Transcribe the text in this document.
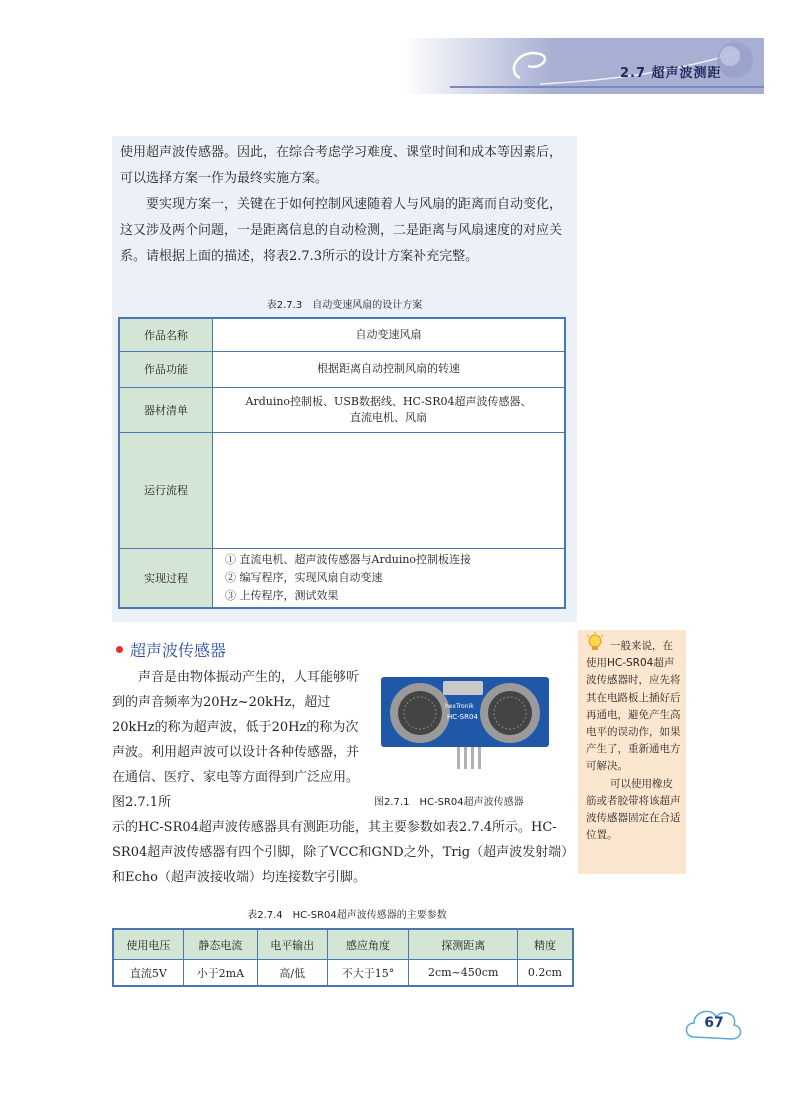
2.7 超声波测距

使用超声波传感器。因此，在综合考虑学习难度、课堂时间和成本等因素后，可以选择方案一作为最终实施方案。

要实现方案一，关键在于如何控制风速随着人与风扇的距离而自动变化，这又涉及两个问题，一是距离信息的自动检测，二是距离与风扇速度的对应关系。请根据上面的描述，将表2.7.3所示的设计方案补充完整。

表2.7.3　自动变速风扇的设计方案
作品名称	自动变速风扇
作品功能	根据距离自动控制风扇的转速
器材清单	Arduino控制板、USB数据线、HC-SR04超声波传感器、
直流电机、风扇

运行流程	
实现过程	① 直流电机、超声波传感器与Arduino控制板连接
② 编写程序，实现风扇自动变速
③ 上传程序，测试效果
超声波传感器

声音是由物体振动产生的，人耳能够听到的声音频率为20Hz~20kHz，超过20kHz的称为超声波，低于20Hz的称为次声波。利用超声波可以设计各种传感器，并在通信、医疗、家电等方面得到广泛应用。图2.7.1所

hexTronik
HC-SR04
图2.7.1　HC-SR04超声波传感器

示的HC-SR04超声波传感器具有测距功能，其主要参数如表2.7.4所示。HC-SR04超声波传感器有四个引脚，除了VCC和GND之外，Trig（超声波发射端）和Echo（超声波接收端）均连接数字引脚。

一般来说，在使用HC-SR04超声波传感器时，应先将其在电路板上插好后再通电，避免产生高电平的误动作，如果产生了，重新通电方可解决。

可以使用橡皮筋或者胶带将该超声波传感器固定在合适位置。

表2.7.4　HC-SR04超声波传感器的主要参数
使用电压	静态电流	电平输出	感应角度	探测距离	精度
直流5V	小于2mA	高/低	不大于15°	2cm~450cm	0.2cm
67
